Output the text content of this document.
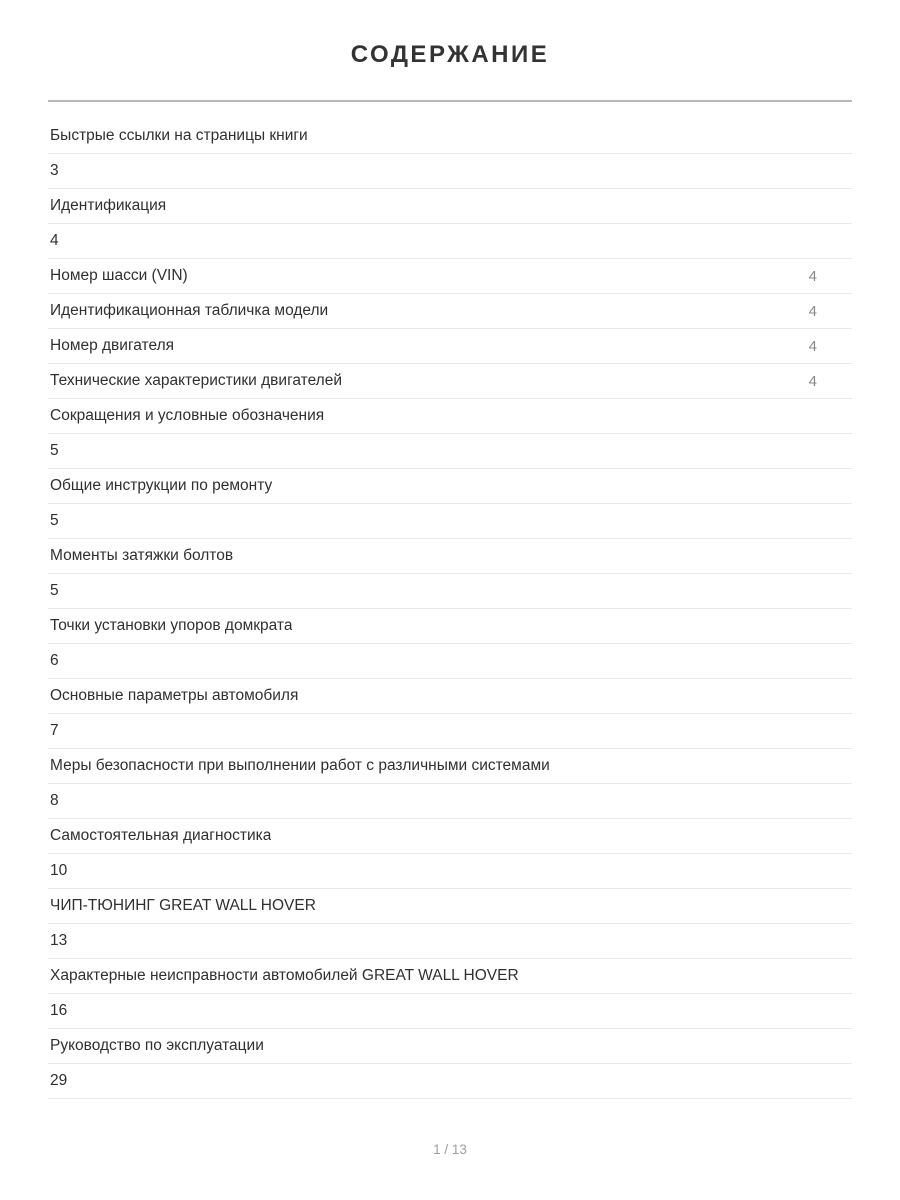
СОДЕРЖАНИЕ
Быстрые ссылки на страницы книги
3
Идентификация
4
Номер шасси (VIN)	4
Идентификационная табличка модели	4
Номер двигателя	4
Технические характеристики двигателей	4
Сокращения и условные обозначения
5
Общие инструкции по ремонту
5
Моменты затяжки болтов
5
Точки установки упоров домкрата
6
Основные параметры автомобиля
7
Меры безопасности при выполнении работ с различными системами
8
Самостоятельная диагностика
10
ЧИП-ТЮНИНГ GREAT WALL HOVER
13
Характерные неисправности автомобилей GREAT WALL HOVER
16
Руководство по эксплуатации
29
1 / 13
